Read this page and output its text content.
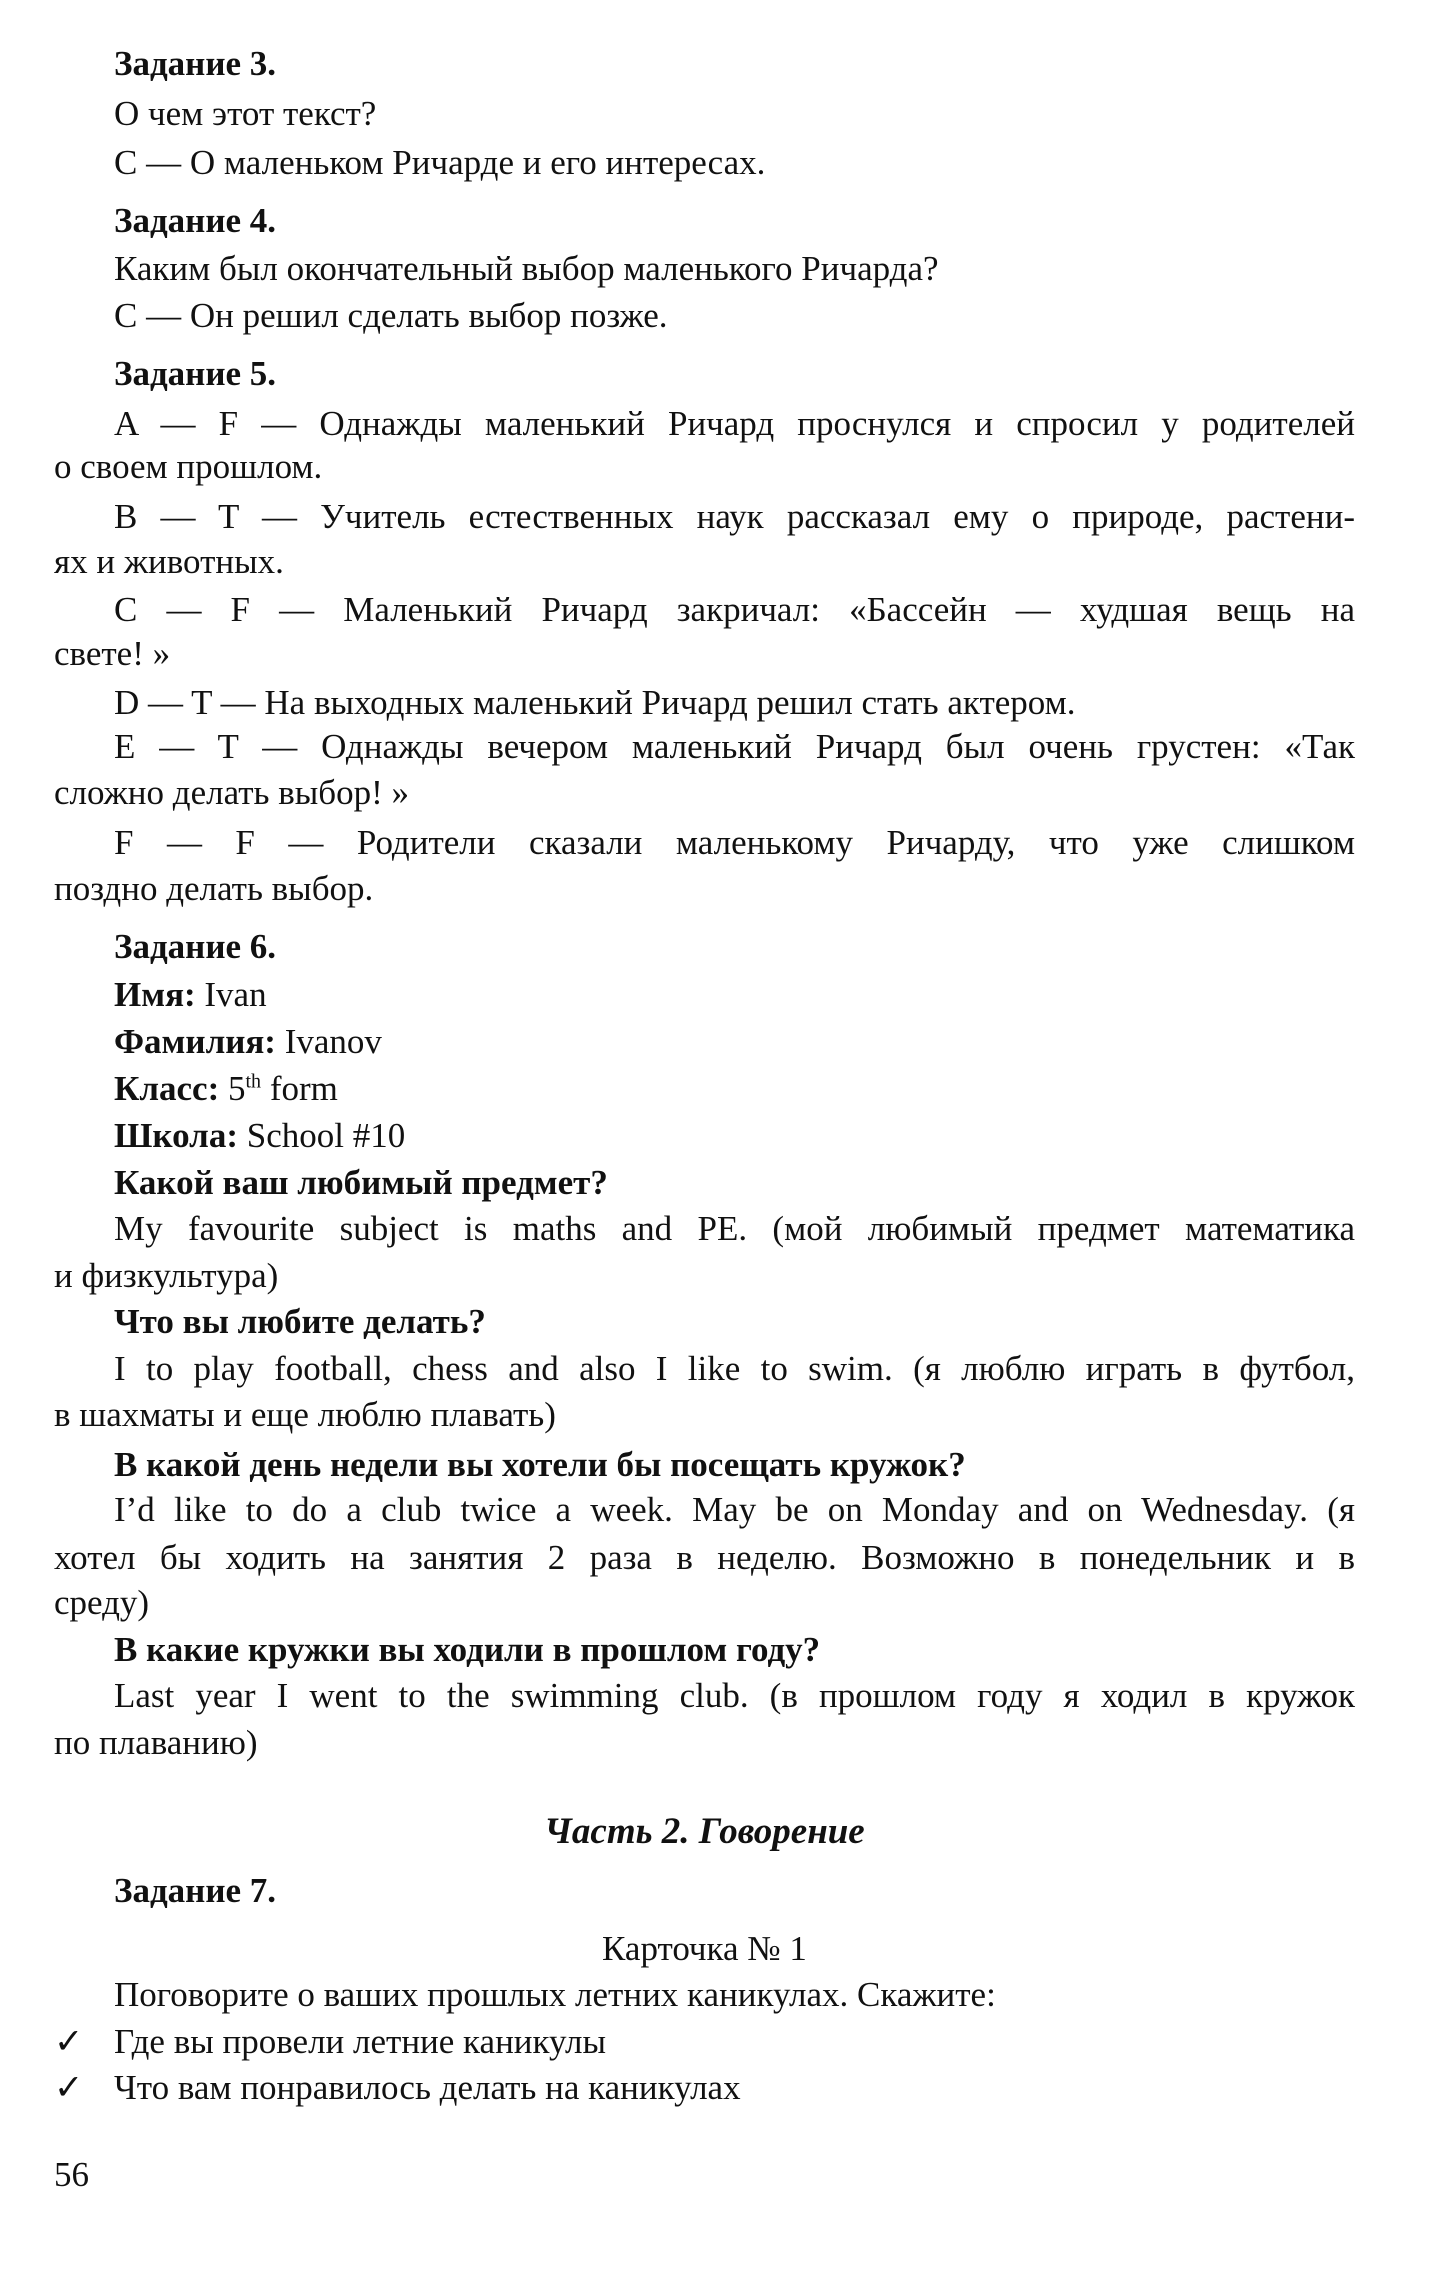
Задание 3.
О чем этот текст?
C — О маленьком Ричарде и его интересах.
Задание 4.
Каким был окончательный выбор маленького Ричарда?
C — Он решил сделать выбор позже.
Задание 5.
A — F — Однажды маленький Ричард проснулся и спросил у родителей
о своем прошлом.
B — T — Учитель естественных наук рассказал ему о природе, растени-
ях и животных.
C — F — Маленький Ричард закричал: «Бассейн — худшая вещь на
свете! »
D — T — На выходных маленький Ричард решил стать актером.
E — T — Однажды вечером маленький Ричард был очень грустен: «Так
сложно делать выбор! »
F — F — Родители сказали маленькому Ричарду, что уже слишком
поздно делать выбор.
Задание 6.
Имя: Ivan
Фамилия: Ivanov
Класс: 5th form
Школа: School #10
Какой ваш любимый предмет?
My favourite subject is maths and PE. (мой любимый предмет математика
и физкультура)
Что вы любите делать?
I to play football, chess and also I like to swim. (я люблю играть в футбол,
в шахматы и еще люблю плавать)
В какой день недели вы хотели бы посещать кружок?
I’d like to do a club twice a week. May be on Monday and on Wednesday. (я
хотел бы ходить на занятия 2 раза в неделю. Возможно в понедельник и в
среду)
В какие кружки вы ходили в прошлом году?
Last year I went to the swimming club. (в прошлом году я ходил в кружок
по плаванию)
Часть 2. Говорение
Задание 7.
Карточка № 1
Поговорите о ваших прошлых летних каникулах. Скажите:
✓ Где вы провели летние каникулы
✓ Что вам понравилось делать на каникулах
56
